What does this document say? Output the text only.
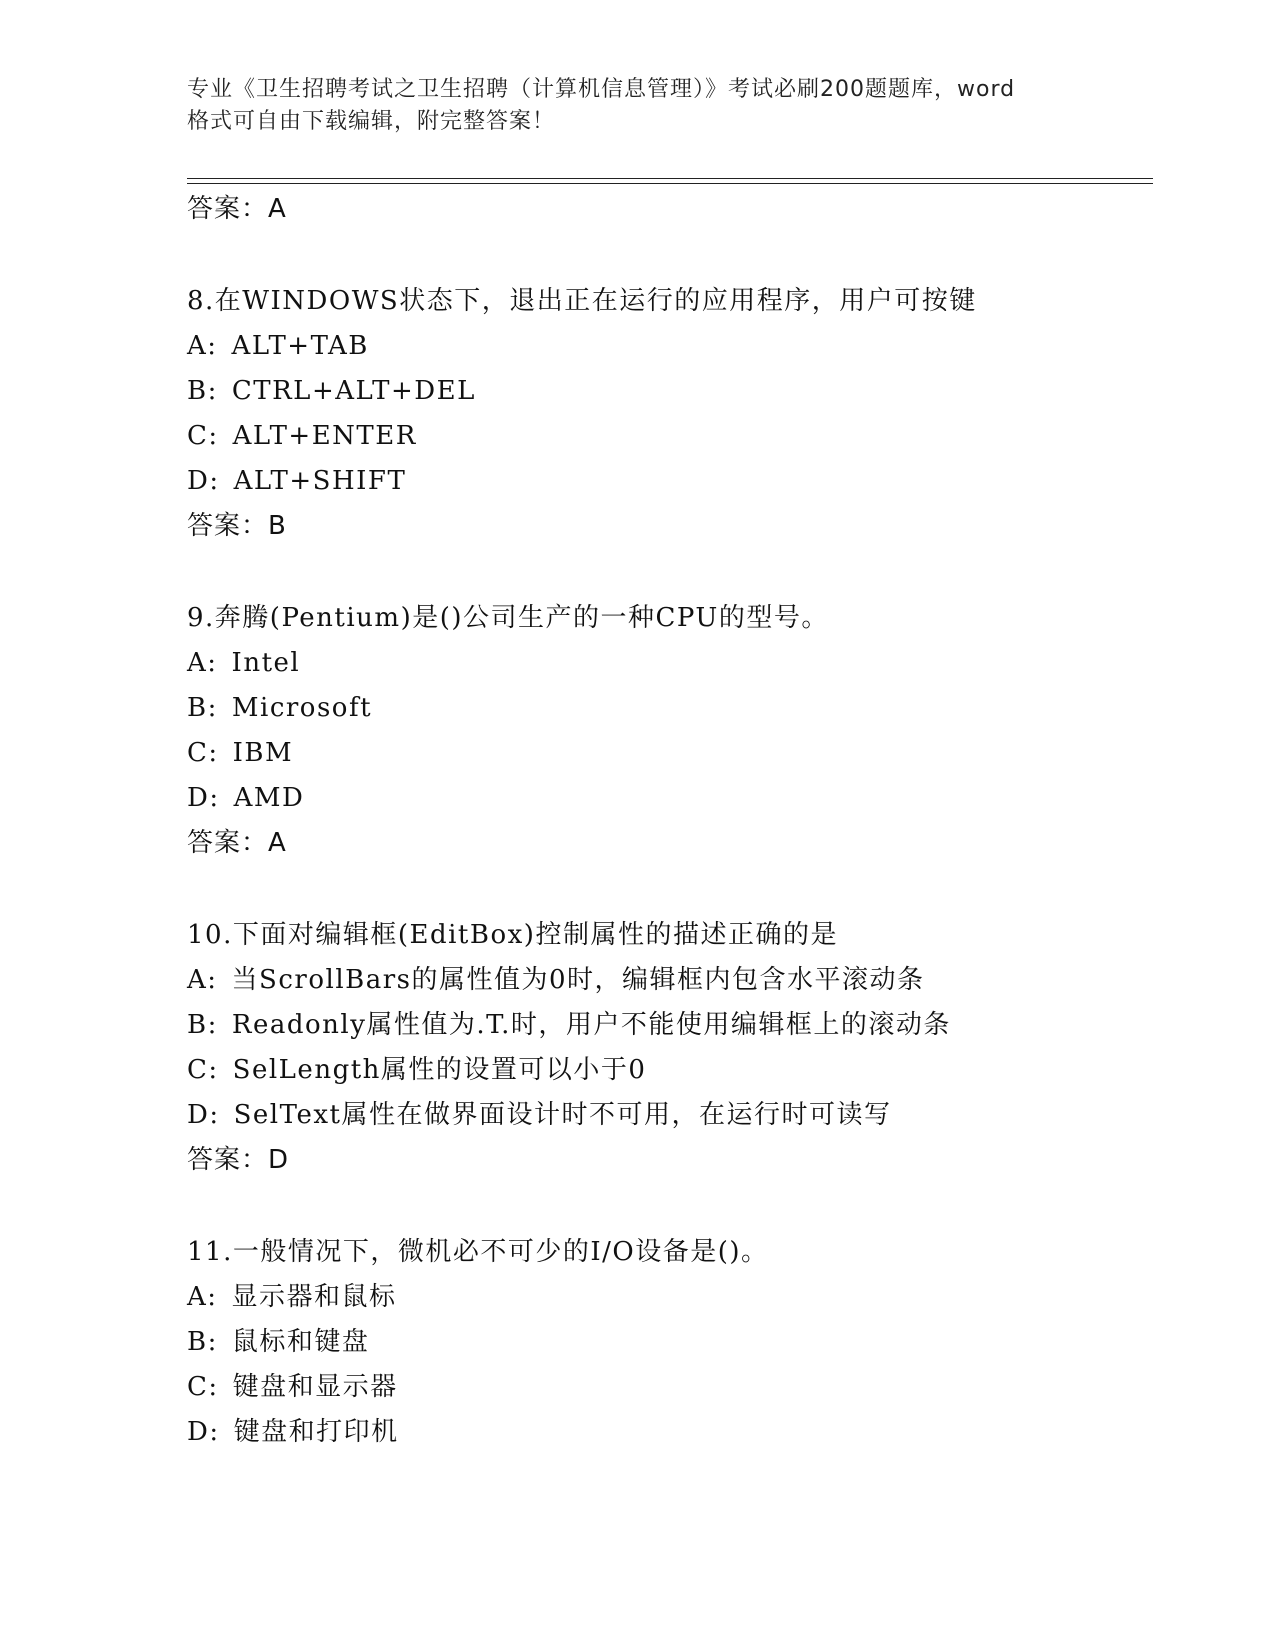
专业《卫生招聘考试之卫生招聘（计算机信息管理）》考试必刷200题题库，word
格式可自由下载编辑，附完整答案！
答案：A
8.在WINDOWS状态下，退出正在运行的应用程序，用户可按键
A: ALT+TAB
B: CTRL+ALT+DEL
C: ALT+ENTER
D: ALT+SHIFT
答案：B
9.奔腾(Pentium)是()公司生产的一种CPU的型号。
A: Intel
B: Microsoft
C: IBM
D: AMD
答案：A
10.下面对编辑框(EditBox)控制属性的描述正确的是
A: 当ScrollBars的属性值为0时，编辑框内包含水平滚动条
B: Readonly属性值为.T.时，用户不能使用编辑框上的滚动条
C: SelLength属性的设置可以小于0
D: SelText属性在做界面设计时不可用，在运行时可读写
答案：D
11.一般情况下，微机必不可少的I/O设备是()。
A: 显示器和鼠标
B: 鼠标和键盘
C: 键盘和显示器
D: 键盘和打印机
